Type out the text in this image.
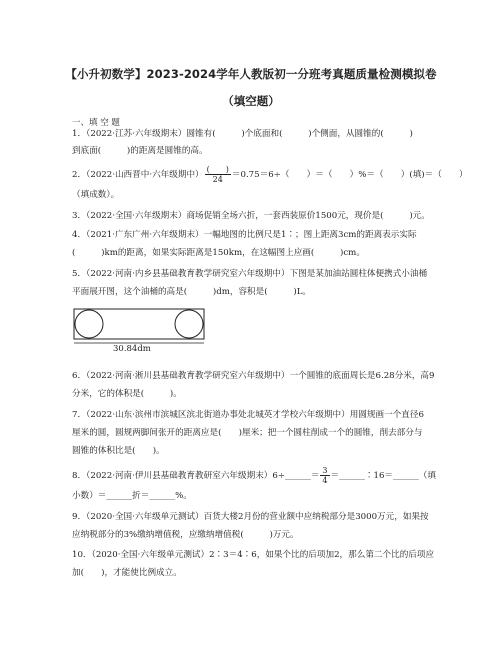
【小升初数学】2023-2024学年人教版初一分班考真题质量检测模拟卷
（填空题）
一、填 空 题
1．（2022·江苏·六年级期末）圆锥有(　　　)个底面和(　　　)个侧面，从圆锥的(　　　)
到底面(　　　)的距离是圆锥的高。
2．（2022·山西晋中·六年级期中） $\frac{( )}{24} =0.75=6\div$（　　）＝（　　）%＝（　　）(填)＝（　　）
（填成数）。
3．（2022·全国·六年级期末）商场促销全场六折，一套西装原价1500元，现价是(　　　)元。
4．（2021·广东广州·六年级期末）一幅地图的比例尺是1∶；图上距离3cm的距离表示实际
(　　　)km的距离，如果实际距离是150km，在这幅图上应画(　　　)cm。
5．（2022·河南·内乡县基础教育教学研究室六年级期中）下图是某加油站圆柱体便携式小油桶
平面展开图，这个油桶的高是(　　　)dm，容积是(　　　)L。
30.84dm
6．（2022·河南·淅川县基础教育教学研究室六年级期中）一个圆锥的底面周长是6.28分米，高9
分米，它的体积是(　　　)。
7．（2022·山东·滨州市滨城区滨北街道办事处北城英才学校六年级期中）用圆规画一个直径6
厘米的圆，圆规两脚间张开的距离应是(　　)厘米；把一个圆柱削成一个的圆锥，削去部分与
圆锥的体积比是(　　)。
8．（2022·河南·伊川县基础教育教研室六年级期末）6÷______＝ $\frac{3}{4}$ ＝______∶16＝______（填
小数）＝______折＝______%。
9．（2020·全国·六年级单元测试）百货大楼2月份的营业额中应纳税部分是3000万元，如果按
应纳税部分的3%缴纳增值税，应缴纳增值税(　　　)万元。
10．（2020·全国·六年级单元测试）2∶3＝4∶6，如果个比的后项加2，那么第二个比的后项应
加(　　)，才能使比例成立。
